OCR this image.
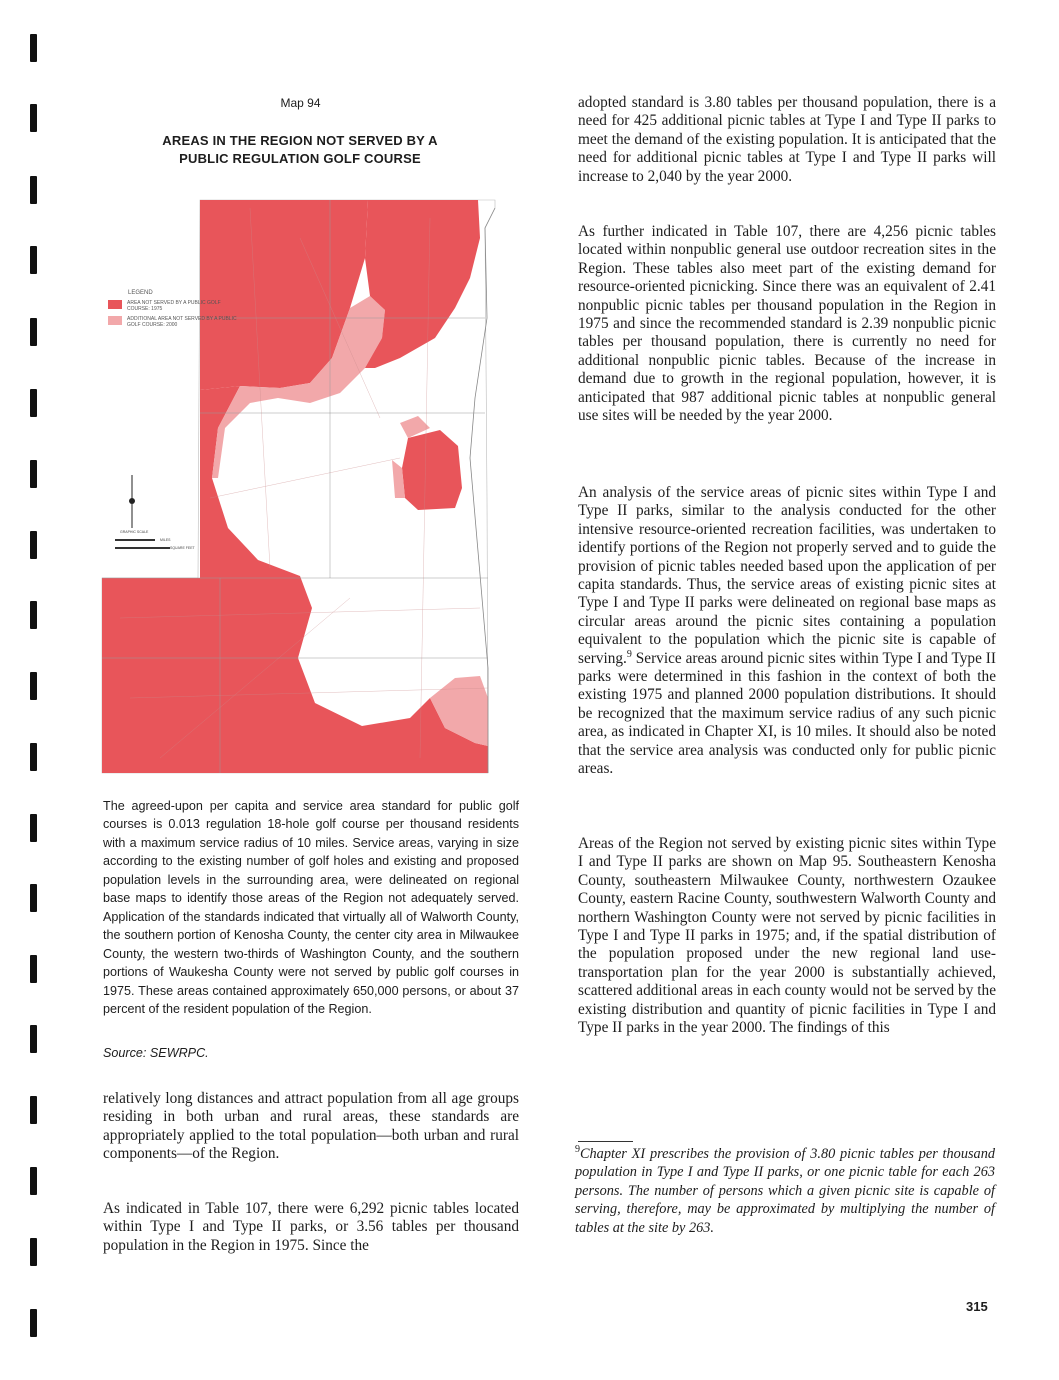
Map 94
AREAS IN THE REGION NOT SERVED BY A PUBLIC REGULATION GOLF COURSE
LEGEND
AREA NOT SERVED BY A PUBLIC GOLF COURSE: 1975
ADDITIONAL AREA NOT SERVED BY A PUBLIC GOLF COURSE: 2000
GRAPHIC SCALE
MILES
SQUARE FEET
The agreed-upon per capita and service area standard for public golf courses is 0.013 regulation 18-hole golf course per thousand residents with a maximum service radius of 10 miles. Service areas, varying in size according to the existing number of golf holes and existing and proposed population levels in the surrounding area, were delineated on regional base maps to identify those areas of the Region not adequately served. Application of the standards indicated that virtually all of Walworth County, the southern portion of Kenosha County, the center city area in Milwaukee County, the western two-thirds of Washington County, and the southern portions of Waukesha County were not served by public golf courses in 1975. These areas contained approximately 650,000 persons, or about 37 percent of the resident population of the Region.
Source: SEWRPC.
relatively long distances and attract population from all age groups residing in both urban and rural areas, these standards are appropriately applied to the total population—both urban and rural components—of the Region.
As indicated in Table 107, there were 6,292 picnic tables located within Type I and Type II parks, or 3.56 tables per thousand population in the Region in 1975. Since the
adopted standard is 3.80 tables per thousand population, there is a need for 425 additional picnic tables at Type I and Type II parks to meet the demand of the existing population. It is anticipated that the need for additional picnic tables at Type I and Type II parks will increase to 2,040 by the year 2000.
As further indicated in Table 107, there are 4,256 picnic tables located within nonpublic general use outdoor recreation sites in the Region. These tables also meet part of the existing demand for resource-oriented picnicking. Since there was an equivalent of 2.41 nonpublic picnic tables per thousand population in the Region in 1975 and since the recommended standard is 2.39 nonpublic picnic tables per thousand population, there is currently no need for additional nonpublic picnic tables. Because of the increase in demand due to growth in the regional population, however, it is anticipated that 987 additional picnic tables at nonpublic general use sites will be needed by the year 2000.
An analysis of the service areas of picnic sites within Type I and Type II parks, similar to the analysis conducted for the other intensive resource-oriented recreation facilities, was undertaken to identify portions of the Region not properly served and to guide the provision of picnic tables needed based upon the application of per capita standards. Thus, the service areas of existing picnic sites at Type I and Type II parks were delineated on regional base maps as circular areas around the picnic sites containing a population equivalent to the population which the picnic site is capable of serving.$^9$ Service areas around picnic sites within Type I and Type II parks were determined in this fashion in the context of both the existing 1975 and planned 2000 population distributions. It should be recognized that the maximum service radius of any such picnic area, as indicated in Chapter XI, is 10 miles. It should also be noted that the service area analysis was conducted only for public picnic areas.
Areas of the Region not served by existing picnic sites within Type I and Type II parks are shown on Map 95. Southeastern Kenosha County, southeastern Milwaukee County, northwestern Ozaukee County, eastern Racine County, southwestern Walworth County and northern Washington County were not served by picnic facilities in Type I and Type II parks in 1975; and, if the spatial distribution of the population proposed under the new regional land use-transportation plan for the year 2000 is substantially achieved, scattered additional areas in each county would not be served by the existing distribution and quantity of picnic facilities in Type I and Type II parks in the year 2000. The findings of this
$^9$Chapter XI prescribes the provision of 3.80 picnic tables per thousand population in Type I and Type II parks, or one picnic table for each 263 persons. The number of persons which a given picnic site is capable of serving, therefore, may be approximated by multiplying the number of tables at the site by 263.
315
